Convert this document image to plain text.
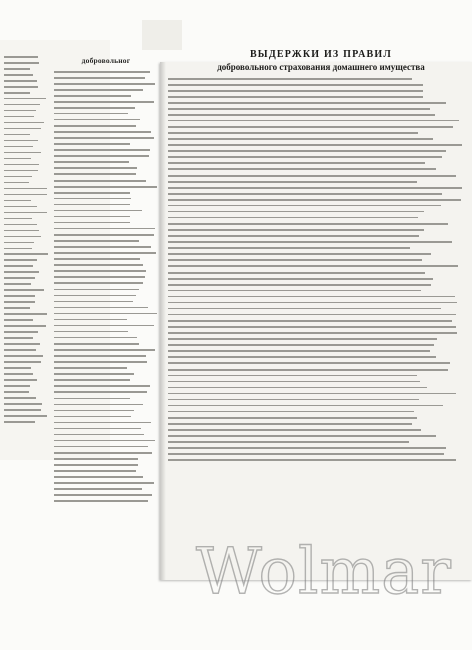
добровольног
ВЫДЕРЖКИ ИЗ ПРАВИЛ
добровольного страхования домашнего имущества
Wolmar
